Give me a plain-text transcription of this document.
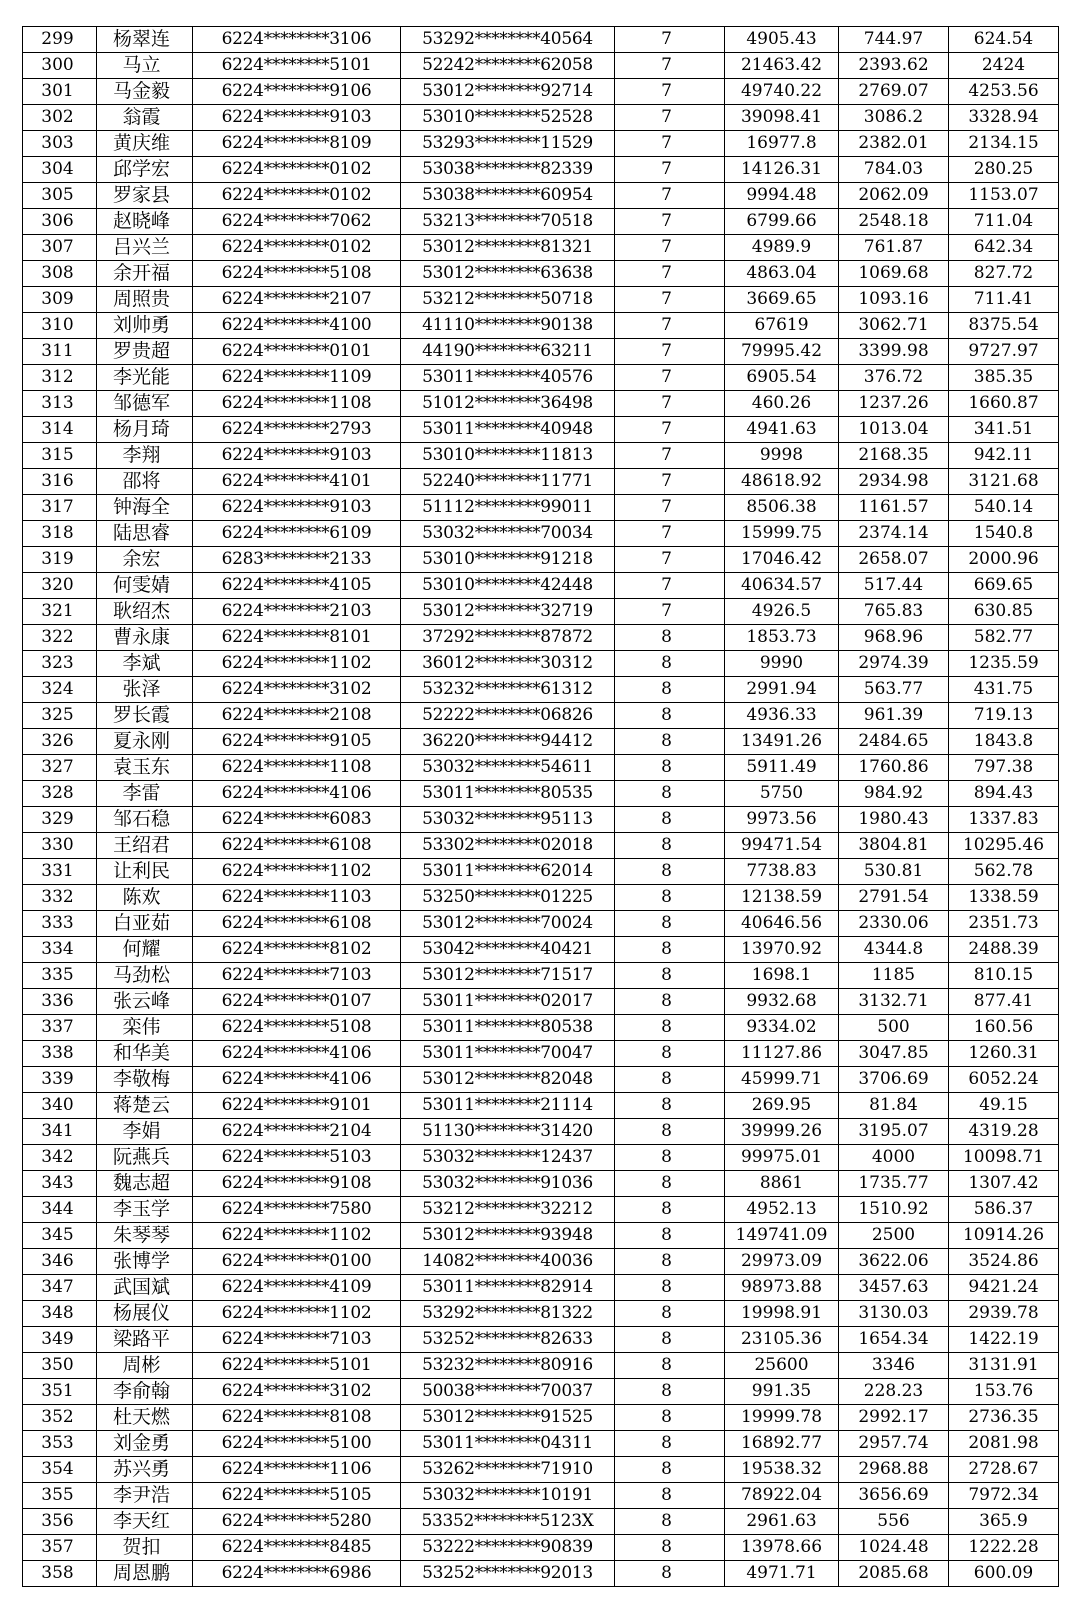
299	杨翠连	6224********3106	53292********40564	7	4905.43	744.97	624.54
300	马立	6224********5101	52242********62058	7	21463.42	2393.62	2424
301	马金毅	6224********9106	53012********92714	7	49740.22	2769.07	4253.56
302	翁霞	6224********9103	53010********52528	7	39098.41	3086.2	3328.94
303	黄庆维	6224********8109	53293********11529	7	16977.8	2382.01	2134.15
304	邱学宏	6224********0102	53038********82339	7	14126.31	784.03	280.25
305	罗家县	6224********0102	53038********60954	7	9994.48	2062.09	1153.07
306	赵晓峰	6224********7062	53213********70518	7	6799.66	2548.18	711.04
307	吕兴兰	6224********0102	53012********81321	7	4989.9	761.87	642.34
308	余开福	6224********5108	53012********63638	7	4863.04	1069.68	827.72
309	周照贵	6224********2107	53212********50718	7	3669.65	1093.16	711.41
310	刘帅勇	6224********4100	41110********90138	7	67619	3062.71	8375.54
311	罗贵超	6224********0101	44190********63211	7	79995.42	3399.98	9727.97
312	李光能	6224********1109	53011********40576	7	6905.54	376.72	385.35
313	邹德军	6224********1108	51012********36498	7	460.26	1237.26	1660.87
314	杨月琦	6224********2793	53011********40948	7	4941.63	1013.04	341.51
315	李翔	6224********9103	53010********11813	7	9998	2168.35	942.11
316	邵将	6224********4101	52240********11771	7	48618.92	2934.98	3121.68
317	钟海全	6224********9103	51112********99011	7	8506.38	1161.57	540.14
318	陆思睿	6224********6109	53032********70034	7	15999.75	2374.14	1540.8
319	余宏	6283********2133	53010********91218	7	17046.42	2658.07	2000.96
320	何雯婧	6224********4105	53010********42448	7	40634.57	517.44	669.65
321	耿绍杰	6224********2103	53012********32719	7	4926.5	765.83	630.85
322	曹永康	6224********8101	37292********87872	8	1853.73	968.96	582.77
323	李斌	6224********1102	36012********30312	8	9990	2974.39	1235.59
324	张泽	6224********3102	53232********61312	8	2991.94	563.77	431.75
325	罗长霞	6224********2108	52222********06826	8	4936.33	961.39	719.13
326	夏永刚	6224********9105	36220********94412	8	13491.26	2484.65	1843.8
327	袁玉东	6224********1108	53032********54611	8	5911.49	1760.86	797.38
328	李雷	6224********4106	53011********80535	8	5750	984.92	894.43
329	邹石稳	6224********6083	53032********95113	8	9973.56	1980.43	1337.83
330	王绍君	6224********6108	53302********02018	8	99471.54	3804.81	10295.46
331	让利民	6224********1102	53011********62014	8	7738.83	530.81	562.78
332	陈欢	6224********1103	53250********01225	8	12138.59	2791.54	1338.59
333	白亚茹	6224********6108	53012********70024	8	40646.56	2330.06	2351.73
334	何耀	6224********8102	53042********40421	8	13970.92	4344.8	2488.39
335	马劲松	6224********7103	53012********71517	8	1698.1	1185	810.15
336	张云峰	6224********0107	53011********02017	8	9932.68	3132.71	877.41
337	栾伟	6224********5108	53011********80538	8	9334.02	500	160.56
338	和华美	6224********4106	53011********70047	8	11127.86	3047.85	1260.31
339	李敬梅	6224********4106	53012********82048	8	45999.71	3706.69	6052.24
340	蒋楚云	6224********9101	53011********21114	8	269.95	81.84	49.15
341	李娟	6224********2104	51130********31420	8	39999.26	3195.07	4319.28
342	阮燕兵	6224********5103	53032********12437	8	99975.01	4000	10098.71
343	魏志超	6224********9108	53032********91036	8	8861	1735.77	1307.42
344	李玉学	6224********7580	53212********32212	8	4952.13	1510.92	586.37
345	朱琴琴	6224********1102	53012********93948	8	149741.09	2500	10914.26
346	张博学	6224********0100	14082********40036	8	29973.09	3622.06	3524.86
347	武国斌	6224********4109	53011********82914	8	98973.88	3457.63	9421.24
348	杨展仪	6224********1102	53292********81322	8	19998.91	3130.03	2939.78
349	梁路平	6224********7103	53252********82633	8	23105.36	1654.34	1422.19
350	周彬	6224********5101	53232********80916	8	25600	3346	3131.91
351	李俞翰	6224********3102	50038********70037	8	991.35	228.23	153.76
352	杜天燃	6224********8108	53012********91525	8	19999.78	2992.17	2736.35
353	刘金勇	6224********5100	53011********04311	8	16892.77	2957.74	2081.98
354	苏兴勇	6224********1106	53262********71910	8	19538.32	2968.88	2728.67
355	李尹浩	6224********5105	53032********10191	8	78922.04	3656.69	7972.34
356	李天红	6224********5280	53352********5123X	8	2961.63	556	365.9
357	贺扣	6224********8485	53222********90839	8	13978.66	1024.48	1222.28
358	周恩鹏	6224********6986	53252********92013	8	4971.71	2085.68	600.09
